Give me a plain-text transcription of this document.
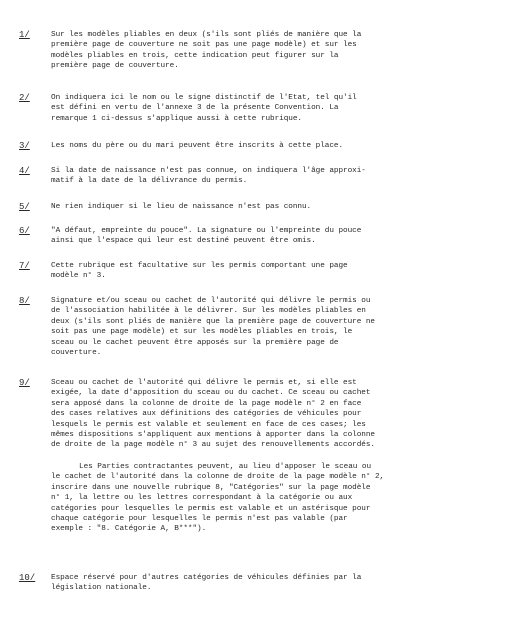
1/	Sur les modèles pliables en deux (s'ils sont pliés de manière que la
première page de couverture ne soit pas une page modèle) et sur les
modèles pliables en trois, cette indication peut figurer sur la
première page de couverture.

2/	On indiquera ici le nom ou le signe distinctif de l'Etat, tel qu'il
est défini en vertu de l'annexe 3 de la présente Convention. La
remarque 1 ci-dessus s'applique aussi à cette rubrique.

3/	Les noms du père ou du mari peuvent être inscrits à cette place.

4/	Si la date de naissance n'est pas connue, on indiquera l'âge approxi-
matif à la date de la délivrance du permis.

5/	Ne rien indiquer si le lieu de naissance n'est pas connu.

6/	"A défaut, empreinte du pouce". La signature ou l'empreinte du pouce
ainsi que l'espace qui leur est destiné peuvent être omis.

7/	Cette rubrique est facultative sur les permis comportant une page
modèle n° 3.

8/	Signature et/ou sceau ou cachet de l'autorité qui délivre le permis ou
de l'association habilitée à le délivrer. Sur les modèles pliables en
deux (s'ils sont pliés de manière que la première page de couverture ne
soit pas une page modèle) et sur les modèles pliables en trois, le
sceau ou le cachet peuvent être apposés sur la première page de
couverture.

9/	Sceau ou cachet de l'autorité qui délivre le permis et, si elle est
exigée, la date d'apposition du sceau ou du cachet. Ce sceau ou cachet
sera apposé dans la colonne de droite de la page modèle n° 2 en face
des cases relatives aux définitions des catégories de véhicules pour
lesquels le permis est valable et seulement en face de ces cases; les
mêmes dispositions s'appliquent aux mentions à apporter dans la colonne
de droite de la page modèle n° 3 au sujet des renouvellements accordés.

Les Parties contractantes peuvent, au lieu d'apposer le sceau ou
le cachet de l'autorité dans la colonne de droite de la page modèle n° 2,
inscrire dans une nouvelle rubrique 8, "Catégories" sur la page modèle
n° 1, la lettre ou les lettres correspondant à la catégorie ou aux
catégories pour lesquelles le permis est valable et un astérisque pour
chaque catégorie pour lesquelles le permis n'est pas valable (par
exemple : "8. Catégorie A, B***").

10/ Espace réservé pour d'autres catégories de véhicules définies par la
législation nationale.
